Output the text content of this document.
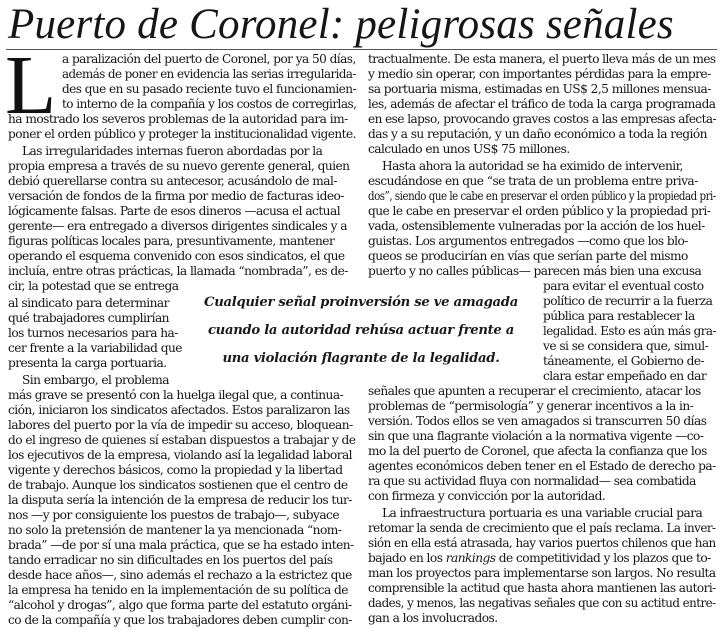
Puerto de Coronel: peligrosas señales
L
Cualquier señal proinversión se ve amagada
cuando la autoridad rehúsa actuar frente a
una violación flagrante de la legalidad.
a paralización del puerto de Coronel, por ya 50 días,
además de poner en evidencia las serias irregularida-
des que en su pasado reciente tuvo el funcionamien-
to interno de la compañía y los costos de corregirlas,
ha mostrado los severos problemas de la autoridad para im-
poner el orden público y proteger la institucionalidad vigente.
Las irregularidades internas fueron abordadas por la
propia empresa a través de su nuevo gerente general, quien
debió querellarse contra su antecesor, acusándolo de mal-
versación de fondos de la firma por medio de facturas ideo-
lógicamente falsas. Parte de esos dineros —acusa el actual
gerente— era entregado a diversos dirigentes sindicales y a
figuras políticas locales para, presuntivamente, mantener
operando el esquema convenido con esos sindicatos, el que
incluía, entre otras prácticas, la llamada “nombrada”, es de-
cir, la potestad que se entrega
al sindicato para determinar
qué trabajadores cumplirían
los turnos necesarios para ha-
cer frente a la variabilidad que
presenta la carga portuaria.
Sin embargo, el problema
más grave se presentó con la huelga ilegal que, a continua-
ción, iniciaron los sindicatos afectados. Estos paralizaron las
labores del puerto por la vía de impedir su acceso, bloquean-
do el ingreso de quienes sí estaban dispuestos a trabajar y de
los ejecutivos de la empresa, violando así la legalidad laboral
vigente y derechos básicos, como la propiedad y la libertad
de trabajo. Aunque los sindicatos sostienen que el centro de
la disputa sería la intención de la empresa de reducir los tur-
nos —y por consiguiente los puestos de trabajo—, subyace
no solo la pretensión de mantener la ya mencionada “nom-
brada” —de por sí una mala práctica, que se ha estado inten-
tando erradicar no sin dificultades en los puertos del país
desde hace años—, sino además el rechazo a la estrictez que
la empresa ha tenido en la implementación de su política de
“alcohol y drogas”, algo que forma parte del estatuto orgáni-
co de la compañía y que los trabajadores deben cumplir con-
tractualmente. De esta manera, el puerto lleva más de un mes
y medio sin operar, con importantes pérdidas para la empre-
sa portuaria misma, estimadas en US$ 2,5 millones mensua-
les, además de afectar el tráfico de toda la carga programada
en ese lapso, provocando graves costos a las empresas afecta-
das y a su reputación, y un daño económico a toda la región
calculado en unos US$ 75 millones.
Hasta ahora la autoridad se ha eximido de intervenir,
escudándose en que “se trata de un problema entre priva-
que le cabe en preservar el orden público y la propiedad pri-
vada, ostensiblemente vulneradas por la acción de los huel-
guistas. Los argumentos entregados —como que los blo-
queos se producirían en vías que serían parte del mismo
puerto y no calles públicas— parecen más bien una excusa
para evitar el eventual costo
político de recurrir a la fuerza
pública para restablecer la
legalidad. Esto es aún más gra-
ve si se considera que, simul-
táneamente, el Gobierno de-
clara estar empeñado en dar
señales que apunten a recuperar el crecimiento, atacar los
problemas de “permisología” y generar incentivos a la in-
versión. Todos ellos se ven amagados si transcurren 50 días
sin que una flagrante violación a la normativa vigente —co-
mo la del puerto de Coronel, que afecta la confianza que los
agentes económicos deben tener en el Estado de derecho pa-
ra que su actividad fluya con normalidad— sea combatida
con firmeza y convicción por la autoridad.
La infraestructura portuaria es una variable crucial para
retomar la senda de crecimiento que el país reclama. La inver-
sión en ella está atrasada, hay varios puertos chilenos que han
bajado en los rankings de competitividad y los plazos que to-
man los proyectos para implementarse son largos. No resulta
comprensible la actitud que hasta ahora mantienen las autori-
dades, y menos, las negativas señales que con su actitud entre-
gan a los involucrados.
dos”, siendo que le cabe en preservar el orden público y la propiedad pri-
